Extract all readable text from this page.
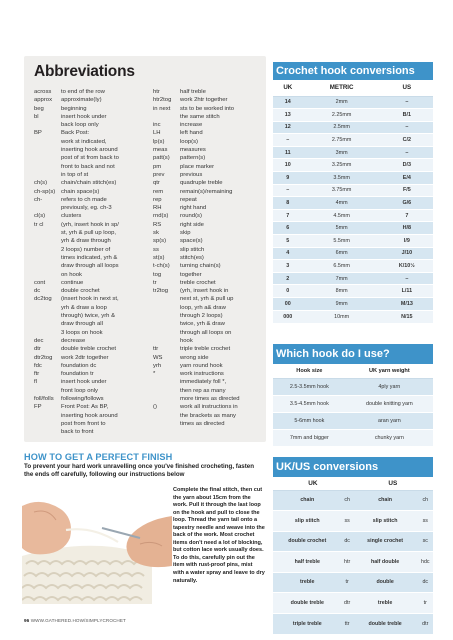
Abbreviations
across	to end of the row
approx	approximate(ly)
beg	beginning
bl	insert hook under
back loop only
BP	Back Post:
work st indicated,
inserting hook around
post of st from back to
front to back and not
in top of st
ch(s)	chain/chain stitch(es)
ch-sp(s) chain space(s)
ch-	refers to ch made
previously, eg. ch-3
cl(s)	clusters
tr cl	(yrh, insert hook in sp/
st, yrh & pull up loop,
yrh & draw through
2 loops) number of
times indicated, yrh &
draw through all loops
on hook
cont	continue
dc	double crochet
dc2tog	(insert hook in next st,
yrh & draw a loop
through) twice, yrh &
draw through all
3 loops on hook
dec	decrease
dtr	double treble crochet
dtr2tog	work 2dtr together
fdc	foundation dc
ftr	foundation tr
fl	insert hook under
front loop only
foll/folls	following/follows
FP	Front Post: As BP,
inserting hook around
post from front to
back to front
htr	half treble
htr2tog	work 2htr together
in next	sts to be worked into
the same stitch
inc	increase
LH	left hand
lp(s)	loop(s)
meas	measures
patt(s)	pattern(s)
pm	place marker
prev	previous
qtr	quadruple treble
rem	remain(s)/remaining
rep	repeat
RH	right hand
rnd(s)	round(s)
RS	right side
sk	skip
sp(s)	space(s)
ss	slip stitch
st(s)	stitch(es)
t-ch(s)	turning chain(s)
tog	together
tr	treble crochet
tr2tog	(yrh, insert hook in
next st, yrh & pull up
loop, yrh a& draw
through 2 loops)
twice, yrh & draw
through all loops on
hook
ttr	triple treble crochet
WS	wrong side
yrh	yarn round hook
*	work instructions
immediately foll *,
then rep as many
more times as directed
()	work all instructions in
the brackets as many
times as directed
Crochet hook conversions
UK	METRIC	US
14	2mm	–
13	2.25mm	B/1
12	2.5mm	–
–	2.75mm	C/2
11	3mm	–
10	3.25mm	D/3
9	3.5mm	E/4
–	3.75mm	F/5
8	4mm	G/6
7	4.5mm	7
6	5mm	H/8
5	5.5mm	I/9
4	6mm	J/10
3	6.5mm	K/10½
2	7mm	–
0	8mm	L/11
00	9mm	M/13
000	10mm	N/15
Which hook do I use?
Hook size	UK yarn weight
2.5-3.5mm hook	4ply yarn
3.5-4.5mm hook	double knitting yarn
5-6mm hook	aran yarn
7mm and bigger	chunky yarn
UK/US conversions
UK		US	
chain	ch	chain	ch
slip stitch	ss	slip stitch	ss
double crochet	dc	single crochet	sc
half treble	htr	half double	hdc
treble	tr	double	dc
double treble	dtr	treble	tr
triple treble	ttr	double treble	dtr
HOW TO GET A PERFECT FINISH
To prevent your hard work unravelling once you've finished crocheting, fasten the ends off carefully, following our instructions below
Complete the final stitch, then cut the yarn about 15cm from the work. Pull it through the last loop on the hook and pull to close the loop. Thread the yarn tail onto a tapestry needle and weave into the back of the work. Most crochet items don't need a lot of blocking, but cotton lace work usually does. To do this, carefully pin out the item with rust-proof pins, mist with a water spray and leave to dry naturally.
96 WWW.GATHERED.HOW/SIMPLYCROCHET
